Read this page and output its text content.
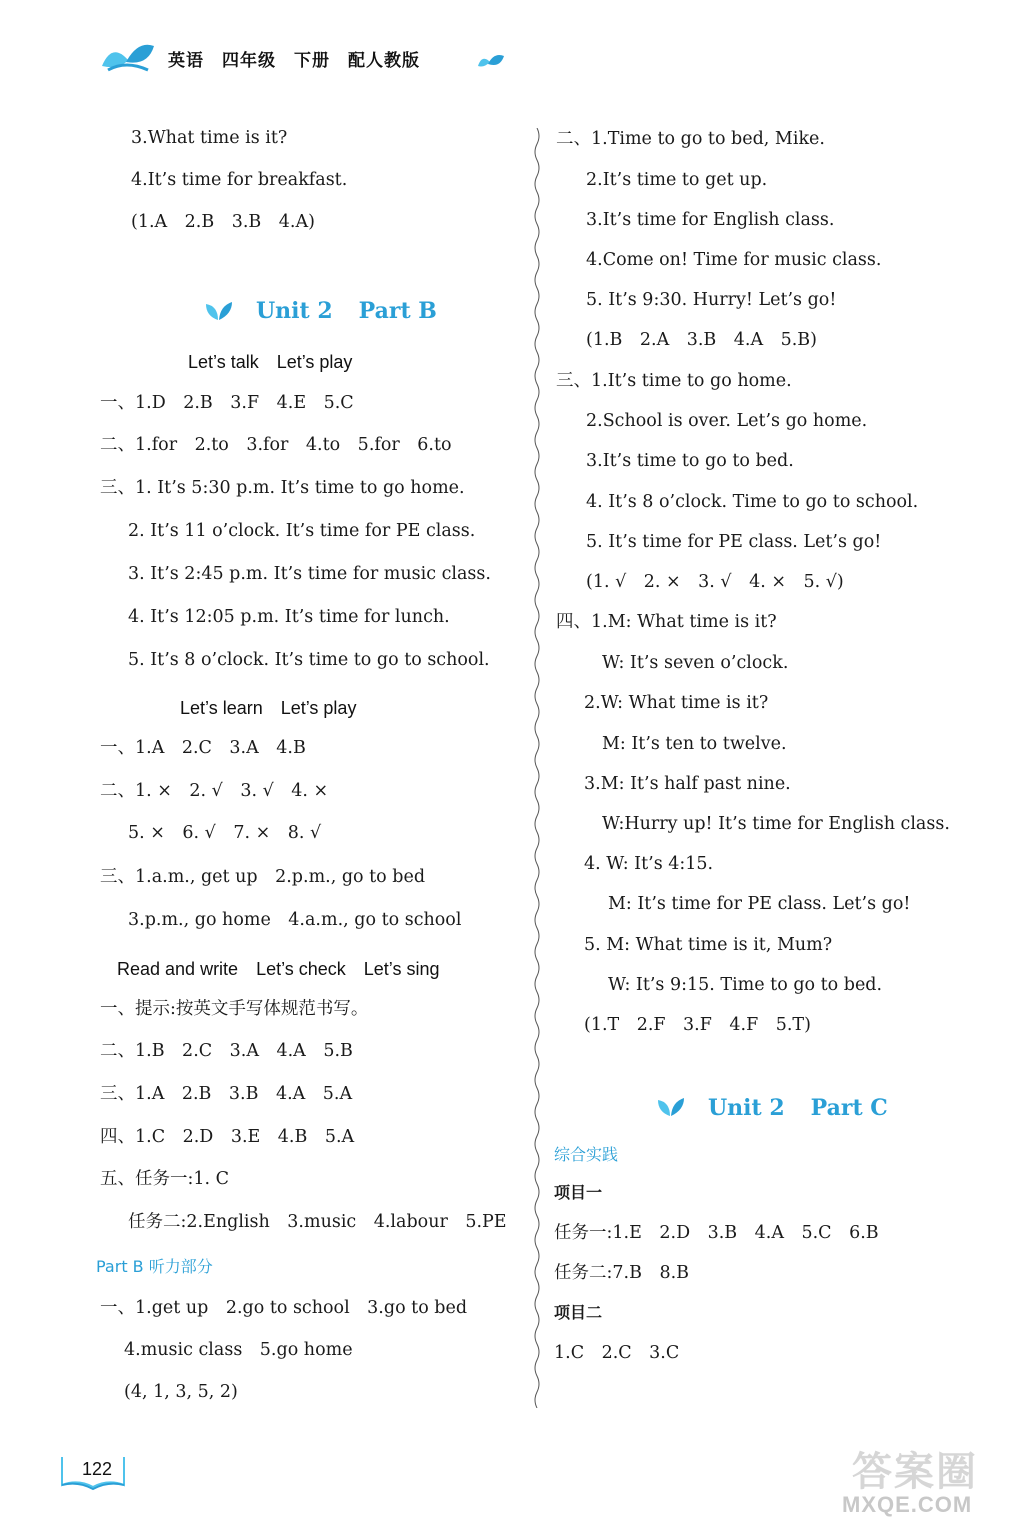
英语　四年级　下册　配人教版
3.What time is it?
4.It’s time for breakfast.
(1.A　2.B　3.B　4.A)
Unit 2 Part B
Let’s talk　Let’s play
一、1.D　2.B　3.F　4.E　5.C
二、1.for　2.to　3.for　4.to　5.for　6.to
三、1. It’s 5:30 p.m. It’s time to go home.
2. It’s 11 o’clock. It’s time for PE class.
3. It’s 2:45 p.m. It’s time for music class.
4. It’s 12:05 p.m. It’s time for lunch.
5. It’s 8 o’clock. It’s time to go to school.
Let’s learn　Let’s play
一、1.A　2.C　3.A　4.B
二、1. ×　2. √　3. √　4. ×
5. ×　6. √　7. ×　8. √
三、1.a.m., get up　2.p.m., go to bed
3.p.m., go home　4.a.m., go to school
Read and write　Let’s check　Let’s sing
一、提示:按英文手写体规范书写。
二、1.B　2.C　3.A　4.A　5.B
三、1.A　2.B　3.B　4.A　5.A
四、1.C　2.D　3.E　4.B　5.A
五、任务一:1. C
任务二:2.English　3.music　4.labour　5.PE
Part B 听力部分
一、1.get up　2.go to school　3.go to bed
4.music class　5.go home
(4, 1, 3, 5, 2)
二、1.Time to go to bed, Mike.
2.It’s time to get up.
3.It’s time for English class.
4.Come on! Time for music class.
5. It’s 9:30. Hurry! Let’s go!
(1.B　2.A　3.B　4.A　5.B)
三、1.It’s time to go home.
2.School is over. Let’s go home.
3.It’s time to go to bed.
4. It’s 8 o’clock. Time to go to school.
5. It’s time for PE class. Let’s go!
(1. √　2. ×　3. √　4. ×　5. √)
四、1.M: What time is it?
W: It’s seven o’clock.
2.W: What time is it?
M: It’s ten to twelve.
3.M: It’s half past nine.
W:Hurry up! It’s time for English class.
4. W: It’s 4:15.
M: It’s time for PE class. Let’s go!
5. M: What time is it, Mum?
W: It’s 9:15. Time to go to bed.
(1.T　2.F　3.F　4.F　5.T)
Unit 2 Part C
综合实践
项目一
任务一:1.E　2.D　3.B　4.A　5.C　6.B
任务二:7.B　8.B
项目二
1.C　2.C　3.C
122	答案圈
MXQE.COM
